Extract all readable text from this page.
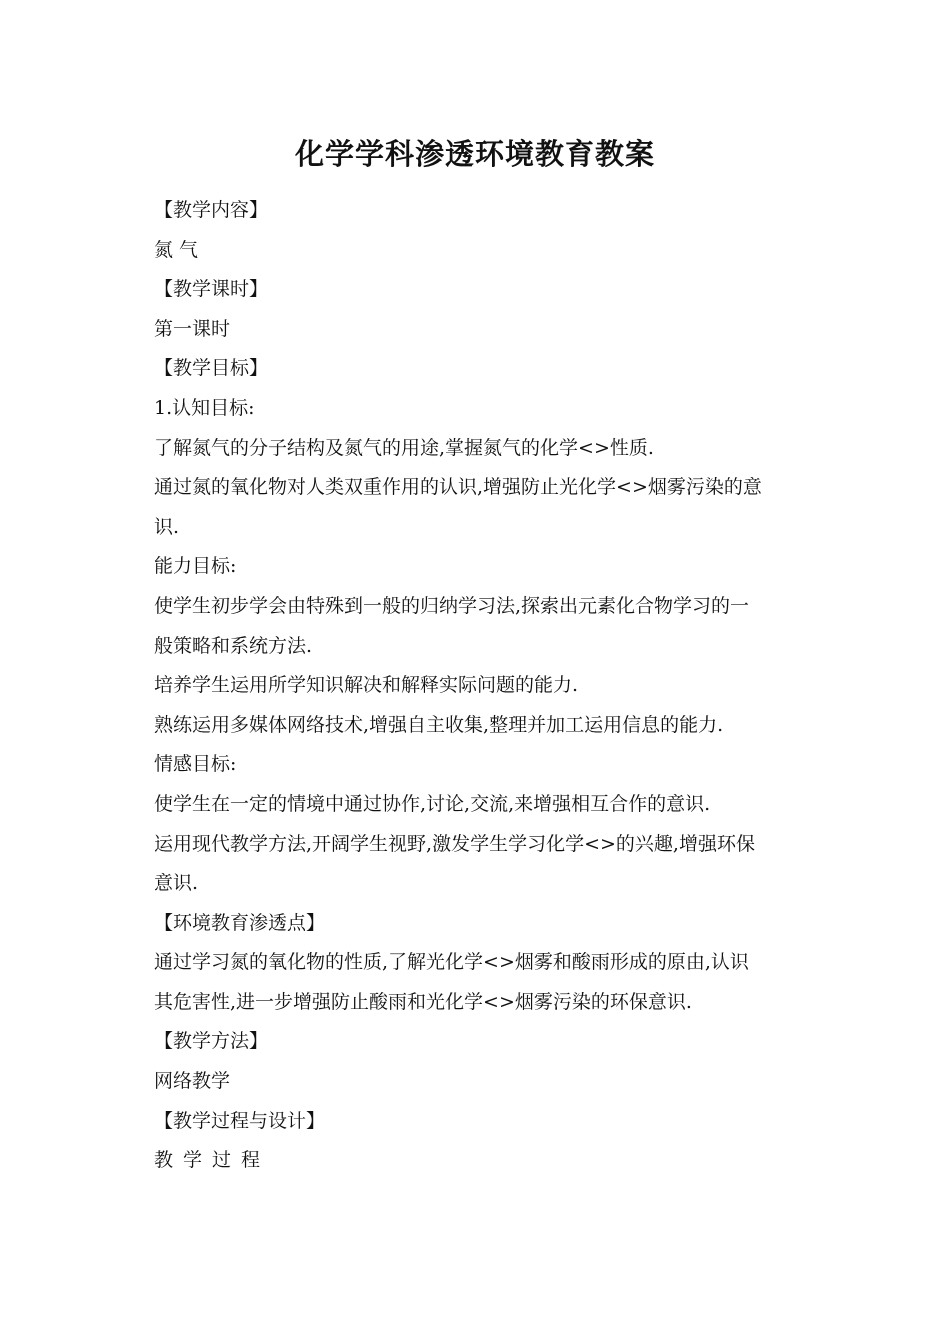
化学学科渗透环境教育教案

【教学内容】

氮 气

【教学课时】

第一课时

【教学目标】

1.认知目标:

了解氮气的分子结构及氮气的用途,掌握氮气的化学<>性质.

通过氮的氧化物对人类双重作用的认识,增强防止光化学<>烟雾污染的意

识.

能力目标:

使学生初步学会由特殊到一般的归纳学习法,探索出元素化合物学习的一

般策略和系统方法.

培养学生运用所学知识解决和解释实际问题的能力.

熟练运用多媒体网络技术,增强自主收集,整理并加工运用信息的能力.

情感目标:

使学生在一定的情境中通过协作,讨论,交流,来增强相互合作的意识.

运用现代教学方法,开阔学生视野,激发学生学习化学<>的兴趣,增强环保

意识.

【环境教育渗透点】

通过学习氮的氧化物的性质,了解光化学<>烟雾和酸雨形成的原由,认识

其危害性,进一步增强防止酸雨和光化学<>烟雾污染的环保意识.

【教学方法】

网络教学

【教学过程与设计】

教学过程
